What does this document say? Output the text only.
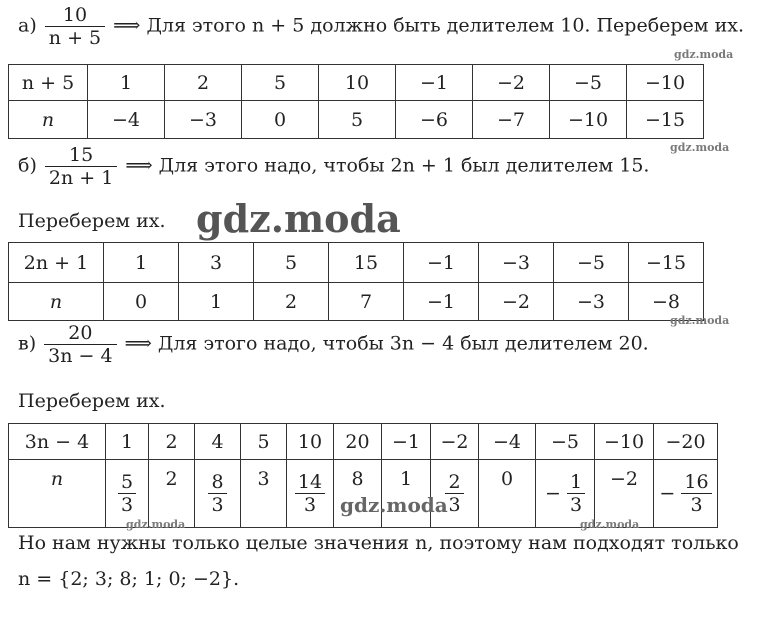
$а) \frac{10}{n + 5}$ ⟹ Для этого n + 5 должно быть делителем 10. Переберем их.
gdz.moda
n + 5	1	2	5	10	−1	−2	−5	−10
n	−4	−3	0	5	−6	−7	−10	−15
gdz.moda
$б) \frac{15}{2n + 1}$ ⟹ Для этого надо, чтобы 2n + 1 был делителем 15.
Переберем их. gdz.moda
2n + 1	1	3	5	15	−1	−3	−5	−15
n	0	1	2	7	−1	−2	−3	−8
gdz.moda
$в) \frac{20}{3n - 4}$ ⟹ Для этого надо, чтобы 3n − 4 был делителем 20.
Переберем их.
3n − 4	1	2	4	5	10	20	−1	−2	−4	−5	−10	−20
n	$\frac{5}{3}$	2	$\frac{8}{3}$	3	$\frac{14}{3}$	8	1	$\frac{2}{3}$	0	− $\frac{1}{3}$	−2	− $\frac{16}{3}$
gdz.moda
gdz.moda	gdz.moda
Но нам нужны только целые значения n, поэтому нам подходят только
n = {2; 3; 8; 1; 0; −2}.
